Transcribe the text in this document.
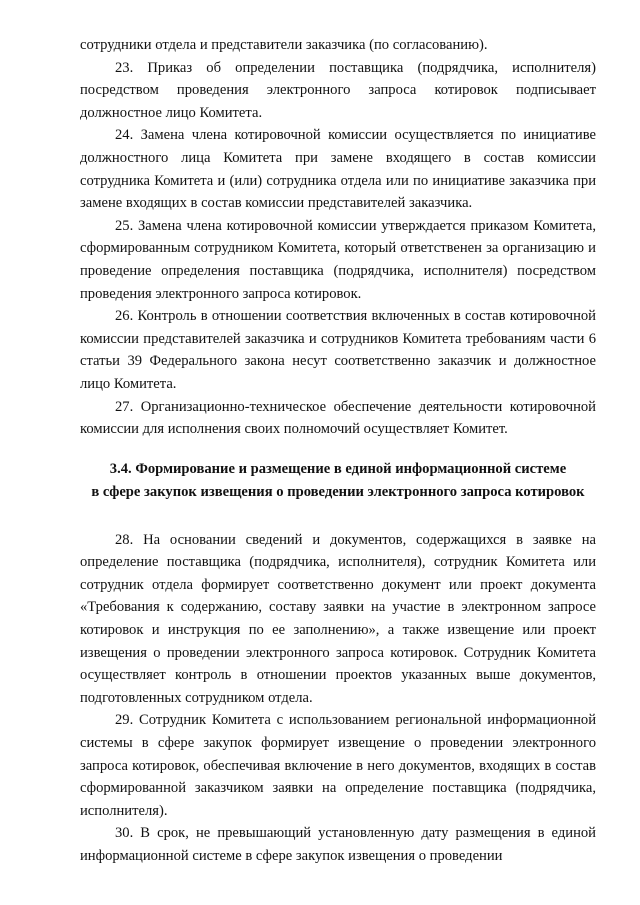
сотрудники отдела и представители заказчика (по согласованию).

23. Приказ об определении поставщика (подрядчика, исполнителя) посредством проведения электронного запроса котировок подписывает должностное лицо Комитета.

24. Замена члена котировочной комиссии осуществляется по инициативе должностного лица Комитета при замене входящего в состав комиссии сотрудника Комитета и (или) сотрудника отдела или по инициативе заказчика при замене входящих в состав комиссии представителей заказчика.

25. Замена члена котировочной комиссии утверждается приказом Комитета, сформированным сотрудником Комитета, который ответственен за организацию и проведение определения поставщика (подрядчика, исполнителя) посредством проведения электронного запроса котировок.

26. Контроль в отношении соответствия включенных в состав котировочной комиссии представителей заказчика и сотрудников Комитета требованиям части 6 статьи 39 Федерального закона несут соответственно заказчик и должностное лицо Комитета.

27. Организационно-техническое обеспечение деятельности котировочной комиссии для исполнения своих полномочий осуществляет Комитет.

3.4. Формирование и размещение в единой информационной системе
в сфере закупок извещения о проведении электронного запроса котировок

28. На основании сведений и документов, содержащихся в заявке на определение поставщика (подрядчика, исполнителя), сотрудник Комитета или сотрудник отдела формирует соответственно документ или проект документа «Требования к содержанию, составу заявки на участие в электронном запросе котировок и инструкция по ее заполнению», а также извещение или проект извещения о проведении электронного запроса котировок. Сотрудник Комитета осуществляет контроль в отношении проектов указанных выше документов, подготовленных сотрудником отдела.

29. Сотрудник Комитета с использованием региональной информационной системы в сфере закупок формирует извещение о проведении электронного запроса котировок, обеспечивая включение в него документов, входящих в состав сформированной заказчиком заявки на определение поставщика (подрядчика, исполнителя).

30. В срок, не превышающий установленную дату размещения в единой информационной системе в сфере закупок извещения о проведении
